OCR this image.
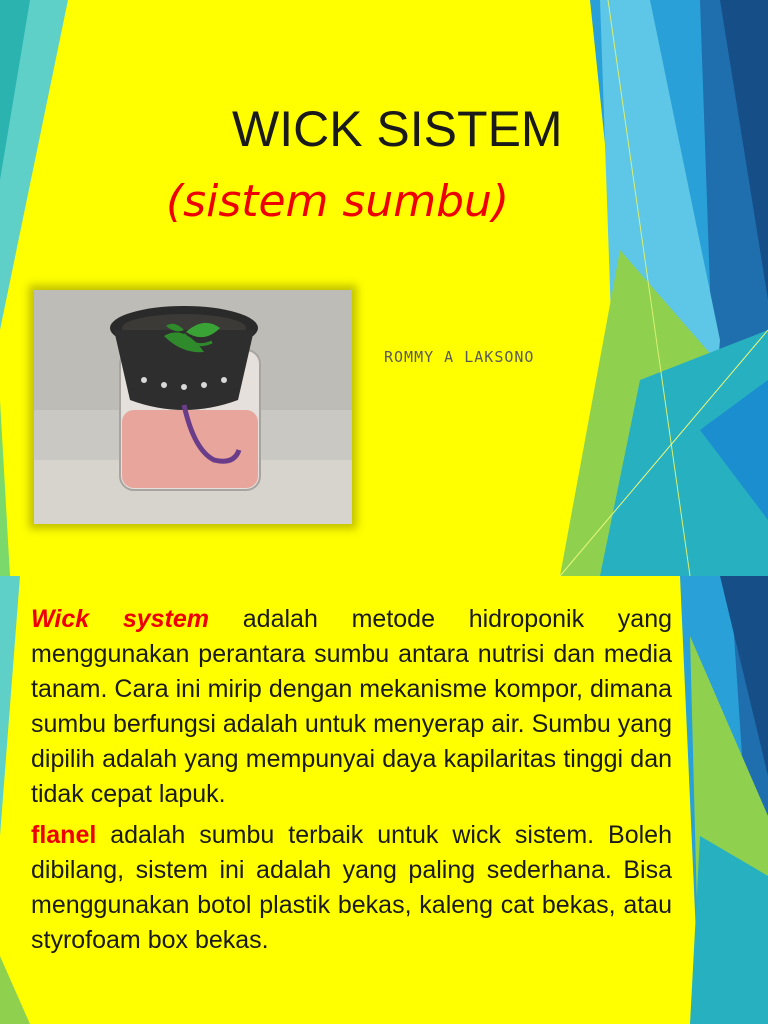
WICK SISTEM
(sistem sumbu)
ROMMY A LAKSONO

Wick system adalah metode hidroponik yang menggunakan perantara sumbu antara nutrisi dan media tanam. Cara ini mirip dengan mekanisme kompor, dimana sumbu berfungsi adalah untuk menyerap air. Sumbu yang dipilih adalah yang mempunyai daya kapilaritas tinggi dan tidak cepat lapuk.

flanel adalah sumbu terbaik untuk wick sistem. Boleh dibilang, sistem ini adalah yang paling sederhana. Bisa menggunakan botol plastik bekas, kaleng cat bekas, atau styrofoam box bekas.
